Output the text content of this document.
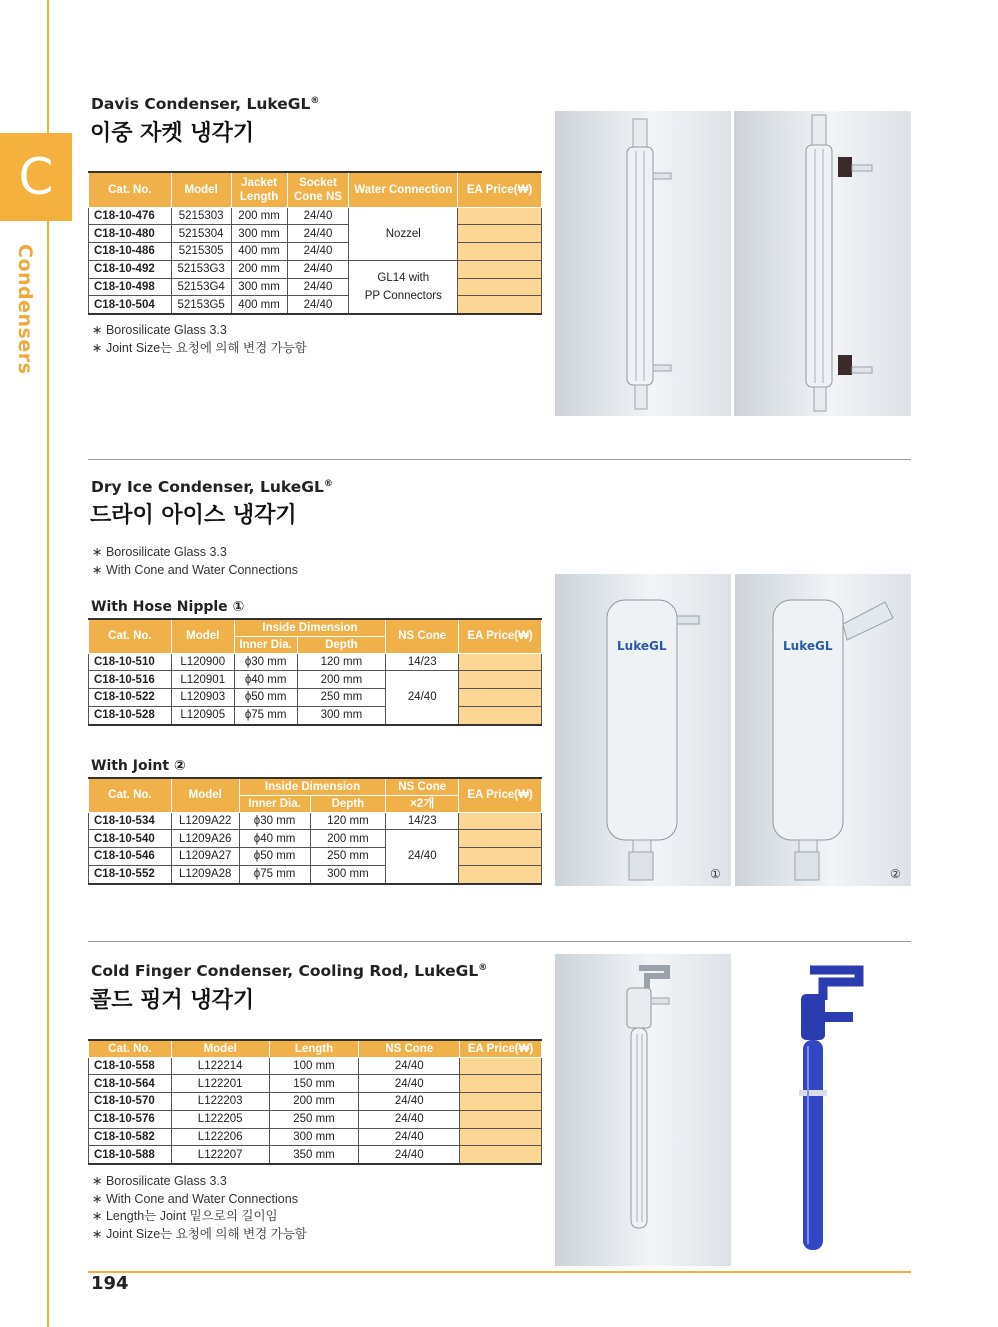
C
Condensers
Davis Condenser, LukeGL®
이중 자켓 냉각기
Cat. No.	Model	Jacket Length	Socket Cone NS	Water Connection	EA Price(₩)
C18-10-476	5215303	200 mm	24/40	Nozzel	
C18-10-480	5215304	300 mm	24/40		
C18-10-486	5215305	400 mm	24/40		
C18-10-492	52153G3	200 mm	24/40	GL14 with
PP Connectors	
C18-10-498	52153G4	300 mm	24/40		
C18-10-504	52153G5	400 mm	24/40		
∗ Borosilicate Glass 3.3
∗ Joint Size는 요청에 의해 변경 가능함
Dry Ice Condenser, LukeGL®
드라이 아이스 냉각기
∗ Borosilicate Glass 3.3
∗ With Cone and Water Connections
With Hose Nipple ①
Cat. No.	Model	Inside Dimension		NS Cone	EA Price(₩)
		Inner Dia.	Depth		
C18-10-510	L120900	ϕ30 mm	120 mm	14/23	
C18-10-516	L120901	ϕ40 mm	200 mm	24/40	
C18-10-522	L120903	ϕ50 mm	250 mm		
C18-10-528	L120905	ϕ75 mm	300 mm		
With Joint ②
Cat. No.	Model	Inside Dimension		NS Cone	EA Price(₩)
		Inner Dia.	Depth	×2개	
C18-10-534	L1209A22	ϕ30 mm	120 mm	14/23	
C18-10-540	L1209A26	ϕ40 mm	200 mm	24/40	
C18-10-546	L1209A27	ϕ50 mm	250 mm		
C18-10-552	L1209A28	ϕ75 mm	300 mm		
LukeGL
①
LukeGL
②
Cold Finger Condenser, Cooling Rod, LukeGL®
콜드 핑거 냉각기
Cat. No.	Model	Length	NS Cone	EA Price(₩)
C18-10-558	L122214	100 mm	24/40	
C18-10-564	L122201	150 mm	24/40	
C18-10-570	L122203	200 mm	24/40	
C18-10-576	L122205	250 mm	24/40	
C18-10-582	L122206	300 mm	24/40	
C18-10-588	L122207	350 mm	24/40	
∗ Borosilicate Glass 3.3
∗ With Cone and Water Connections
∗ Length는 Joint 밑으로의 길이임
∗ Joint Size는 요청에 의해 변경 가능함
194
